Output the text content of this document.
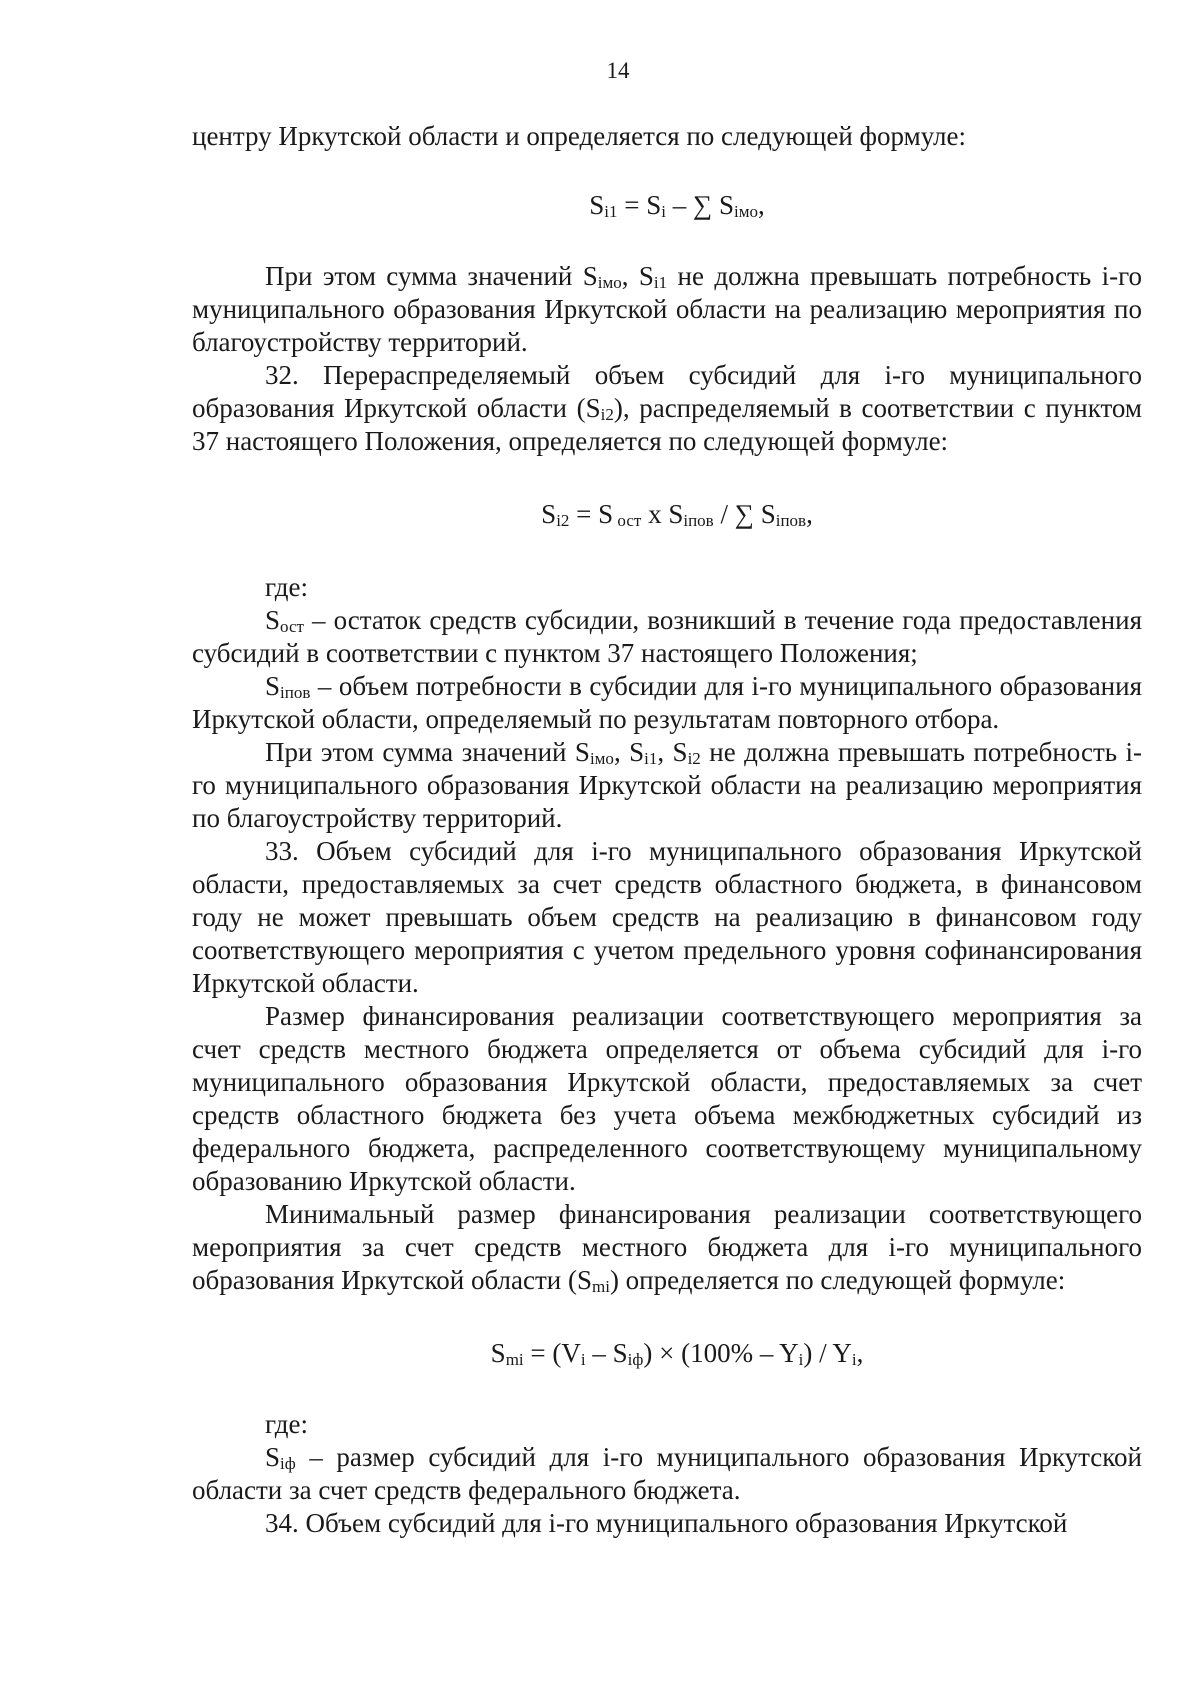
14

центру Иркутской области и определяется по следующей формуле:

$S_{i1} = S_i$ – ∑ $S_{iмо}$,

При этом сумма значений $S_{iмо}$, $S_{i1}$ не должна превышать потребность i-го муниципального образования Иркутской области на реализацию мероприятия по благоустройству территорий.

32. Перераспределяемый объем субсидий для i-го муниципального образования Иркутской области $(S_{i2})$, распределяемый в соответствии с пунктом 37 настоящего Положения, определяется по следующей формуле:

$S_{i2} = S$ $_{ост}$ х $S_{iпов}$ / ∑ $S_{iпов}$,

где:

$S_{ост}$ – остаток средств субсидии, возникший в течение года предоставления субсидий в соответствии с пунктом 37 настоящего Положения;

$S_{iпов}$ – объем потребности в субсидии для i-го муниципального образования Иркутской области, определяемый по результатам повторного отбора.

При этом сумма значений $S_{iмо}$, $S_{i1}$, $S_{i2}$ не должна превышать потребность i-го муниципального образования Иркутской области на реализацию мероприятия по благоустройству территорий.

33. Объем субсидий для i-го муниципального образования Иркутской области, предоставляемых за счет средств областного бюджета, в финансовом году не может превышать объем средств на реализацию в финансовом году соответствующего мероприятия с учетом предельного уровня софинансирования Иркутской области.

Размер финансирования реализации соответствующего мероприятия за счет средств местного бюджета определяется от объема субсидий для i-го муниципального образования Иркутской области, предоставляемых за счет средств областного бюджета без учета объема межбюджетных субсидий из федерального бюджета, распределенного соответствующему муниципальному образованию Иркутской области.

Минимальный размер финансирования реализации соответствующего мероприятия за счет средств местного бюджета для i-го муниципального образования Иркутской области $(S_{mi})$ определяется по следующей формуле:

$S_{mi} = (V_i - S_{iф}) \times (100\% - Y_i) / Y_i$,

где:

$S_{iф}$ – размер субсидий для i-го муниципального образования Иркутской области за счет средств федерального бюджета.

34. Объем субсидий для i-го муниципального образования Иркутской
